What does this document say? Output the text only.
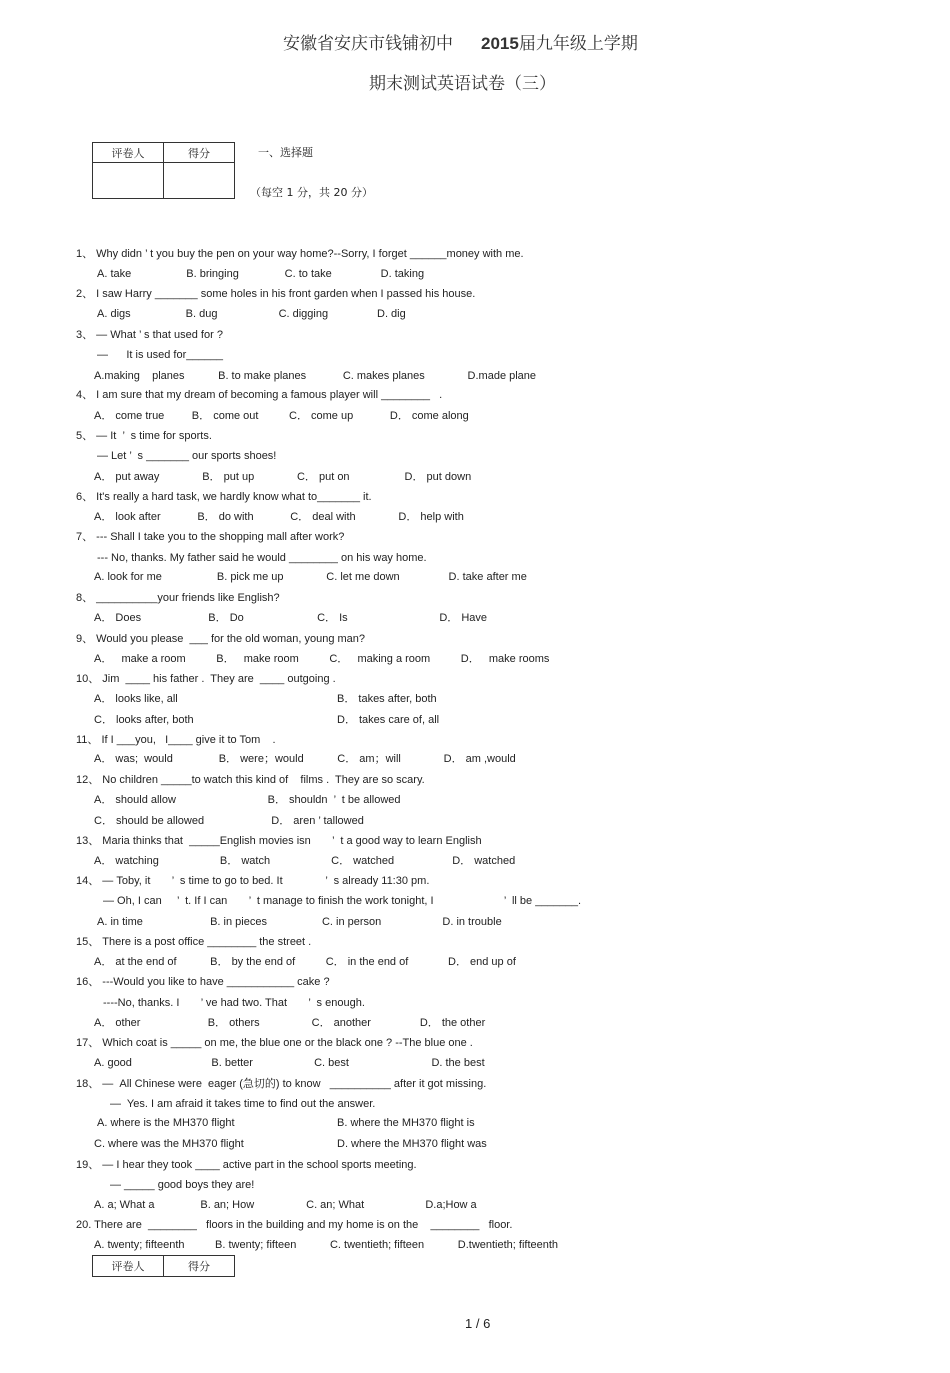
安徽省安庆市钱铺初中 2015届九年级上学期
期末测试英语试卷（三）
评卷人	得分
		一、选择题
（每空 1 分，共 20 分）
1、 Why didn ’ t you buy the pen on your way home?--Sorry, I forget ______money with me.
A. take                  B. bringing               C. to take                D. taking
2、 I saw Harry _______ some holes in his front garden when I passed his house.
A. digs                  B. dug                    C. digging                D. dig
3、 — What ’ s that used for ?
—      It is used for______
A.making    planes           B. to make planes            C. makes planes              D.made plane
4、 I am sure that my dream of becoming a famous player will ________   .
A． come true         B． come out          C． come up            D． come along
5、 — It  ’  s time for sports.
— Let ’  s _______ our sports shoes!
A． put away              B． put up              C． put on                  D． put down
6、 It's really a hard task, we hardly know what to_______ it.
A． look after            B． do with            C． deal with              D． help with
7、 --- Shall I take you to the shopping mall after work?
--- No, thanks. My father said he would ________ on his way home.
A. look for me                  B. pick me up              C. let me down                D. take after me
8、 __________your friends like English?
A． Does                      B． Do                        C． Is                              D． Have
9、 Would you please  ___ for the old woman, young man?
A．   make a room          B．   make room          C．   making a room          D．   make rooms
10、 Jim  ____ his father .  They are  ____ outgoing .
A． looks like, all	B． takes after, both
C． looks after, both	D． takes care of, all
11、 If I ___you,   I____ give it to Tom    .
A． was;  would               B． were；would           C． am；will              D． am ,would
12、 No children _____to watch this kind of    films .  They are so scary.
A． should allow                              B． shouldn  ’  t be allowed
C． should be allowed                      D． aren ’ tallowed
13、 Maria thinks that  _____English movies isn       ’  t a good way to learn English
A． watching                    B． watch                    C． watched                   D． watched
14、 — Toby, it       ’  s time to go to bed. It              ’  s already 11:30 pm.
— Oh, I can     ’  t. If I can       ’  t manage to finish the work tonight, I                       ’  ll be _______.
A. in time                      B. in pieces                  C. in person                    D. in trouble
15、 There is a post office ________ the street .
A． at the end of           B． by the end of          C． in the end of             D． end up of
16、 ---Would you like to have ___________ cake ?
----No, thanks. I       ’ ve had two. That       ’  s enough.
A． other                      B． others                 C． another                D． the other
17、 Which coat is _____ on me, the blue one or the black one ? --The blue one .
A. good                          B. better                    C. best                           D. the best
18、 —  All Chinese were  eager (急切的) to know   __________ after it got missing.
—  Yes. I am afraid it takes time to find out the answer.
A. where is the MH370 flight	B. where the MH370 flight is
C. where was the MH370 flight	D. where the MH370 flight was
19、 — I hear they took ____ active part in the school sports meeting.
— _____ good boys they are!
A. a; What a               B. an; How                 C. an; What                    D.a;How a
20. There are  ________   floors in the building and my home is on the    ________   floor.
A. twenty; fifteenth          B. twenty; fifteen           C. twentieth; fifteen           D.twentieth; fifteenth
评卷人	得分
1 / 6
